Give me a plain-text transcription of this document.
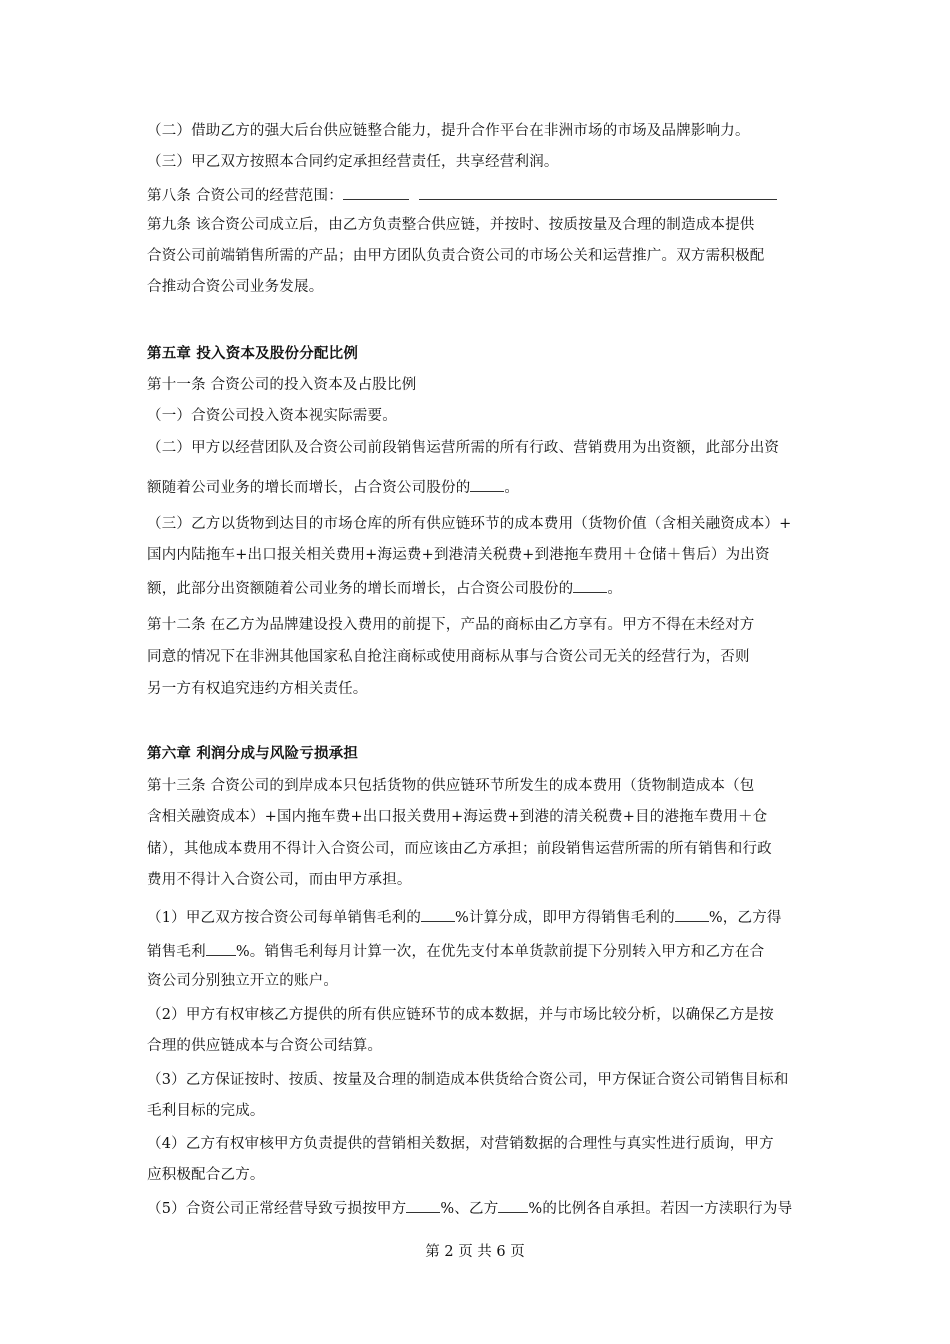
（二）借助乙方的强大后台供应链整合能力，提升合作平台在非洲市场的市场及品牌影响力。
（三）甲乙双方按照本合同约定承担经营责任，共享经营利润。
第八条 合资公司的经营范围：
第九条 该合资公司成立后，由乙方负责整合供应链，并按时、按质按量及合理的制造成本提供
合资公司前端销售所需的产品；由甲方团队负责合资公司的市场公关和运营推广。双方需积极配
合推动合资公司业务发展。
第五章 投入资本及股份分配比例
第十一条 合资公司的投入资本及占股比例
（一）合资公司投入资本视实际需要。
（二）甲方以经营团队及合资公司前段销售运营所需的所有行政、营销费用为出资额，此部分出资
额随着公司业务的增长而增长，占合资公司股份的 。
（三）乙方以货物到达目的市场仓库的所有供应链环节的成本费用（货物价值（含相关融资成本）+
国内内陆拖车+出口报关相关费用+海运费+到港清关税费+到港拖车费用＋仓储＋售后）为出资
额，此部分出资额随着公司业务的增长而增长，占合资公司股份的 。
第十二条 在乙方为品牌建设投入费用的前提下，产品的商标由乙方享有。甲方不得在未经对方
同意的情况下在非洲其他国家私自抢注商标或使用商标从事与合资公司无关的经营行为，否则
另一方有权追究违约方相关责任。
第六章 利润分成与风险亏损承担
第十三条 合资公司的到岸成本只包括货物的供应链环节所发生的成本费用（货物制造成本（包
含相关融资成本）+国内拖车费+出口报关费用+海运费+到港的清关税费+目的港拖车费用＋仓
储），其他成本费用不得计入合资公司，而应该由乙方承担；前段销售运营所需的所有销售和行政
费用不得计入合资公司，而由甲方承担。
（1）甲乙双方按合资公司每单销售毛利的 %计算分成，即甲方得销售毛利的 %，乙方得
销售毛利 %。销售毛利每月计算一次，在优先支付本单货款前提下分别转入甲方和乙方在合
资公司分别独立开立的账户。
（2）甲方有权审核乙方提供的所有供应链环节的成本数据，并与市场比较分析，以确保乙方是按
合理的供应链成本与合资公司结算。
（3）乙方保证按时、按质、按量及合理的制造成本供货给合资公司，甲方保证合资公司销售目标和
毛利目标的完成。
（4）乙方有权审核甲方负责提供的营销相关数据，对营销数据的合理性与真实性进行质询，甲方
应积极配合乙方。
（5）合资公司正常经营导致亏损按甲方 %、乙方 %的比例各自承担。若因一方渎职行为导
第 2 页 共 6 页
